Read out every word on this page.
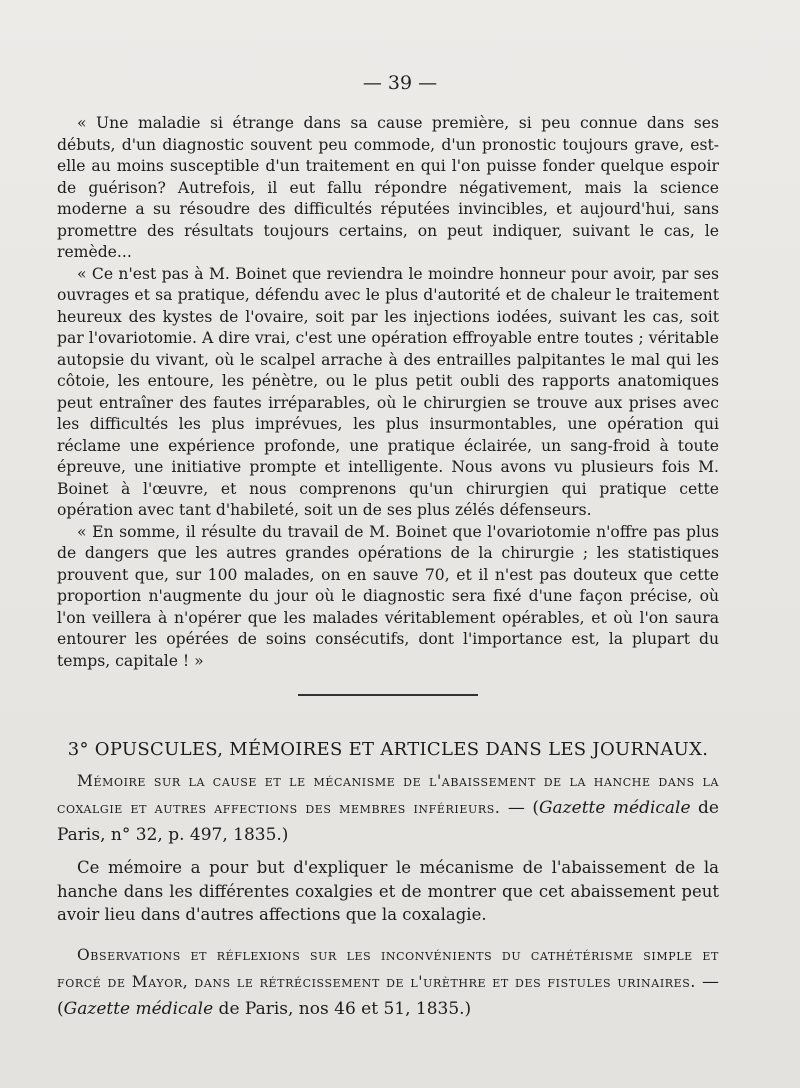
— 39 —

« Une maladie si étrange dans sa cause première, si peu connue dans ses débuts, d'un diagnostic souvent peu commode, d'un pronostic toujours grave, est-elle au moins susceptible d'un traitement en qui l'on puisse fonder quelque espoir de guérison? Autrefois, il eut fallu répondre négativement, mais la science moderne a su résoudre des difficultés réputées invincibles, et aujourd'hui, sans promettre des résultats toujours certains, on peut indiquer, suivant le cas, le remède...

« Ce n'est pas à M. Boinet que reviendra le moindre honneur pour avoir, par ses ouvrages et sa pratique, défendu avec le plus d'autorité et de chaleur le traitement heureux des kystes de l'ovaire, soit par les injections iodées, suivant les cas, soit par l'ovariotomie. A dire vrai, c'est une opération effroyable entre toutes ; véritable autopsie du vivant, où le scalpel arrache à des entrailles palpitantes le mal qui les côtoie, les entoure, les pénètre, ou le plus petit oubli des rapports anatomiques peut entraîner des fautes irréparables, où le chirurgien se trouve aux prises avec les difficultés les plus imprévues, les plus insurmontables, une opération qui réclame une expérience profonde, une pratique éclairée, un sang-froid à toute épreuve, une initiative prompte et intelligente. Nous avons vu plusieurs fois M. Boinet à l'œuvre, et nous comprenons qu'un chirurgien qui pratique cette opération avec tant d'habileté, soit un de ses plus zélés défenseurs.

« En somme, il résulte du travail de M. Boinet que l'ovariotomie n'offre pas plus de dangers que les autres grandes opérations de la chirurgie ; les statistiques prouvent que, sur 100 malades, on en sauve 70, et il n'est pas douteux que cette proportion n'augmente du jour où le diagnostic sera fixé d'une façon précise, où l'on veillera à n'opérer que les malades véritablement opérables, et où l'on saura entourer les opérées de soins consécutifs, dont l'importance est, la plupart du temps, capitale ! »

3° OPUSCULES, MÉMOIRES ET ARTICLES DANS LES JOURNAUX.

Mémoire sur la cause et le mécanisme de l'abaissement de la hanche dans la coxalgie et autres affections des membres inférieurs. — (Gazette médicale de Paris, n° 32, p. 497, 1835.)

Ce mémoire a pour but d'expliquer le mécanisme de l'abaissement de la hanche dans les différentes coxalgies et de montrer que cet abaissement peut avoir lieu dans d'autres affections que la coxalagie.

Observations et réflexions sur les inconvénients du cathétérisme simple et forcé de Mayor, dans le rétrécissement de l'urèthre et des fistules urinaires. — (Gazette médicale de Paris, nos 46 et 51, 1835.)
